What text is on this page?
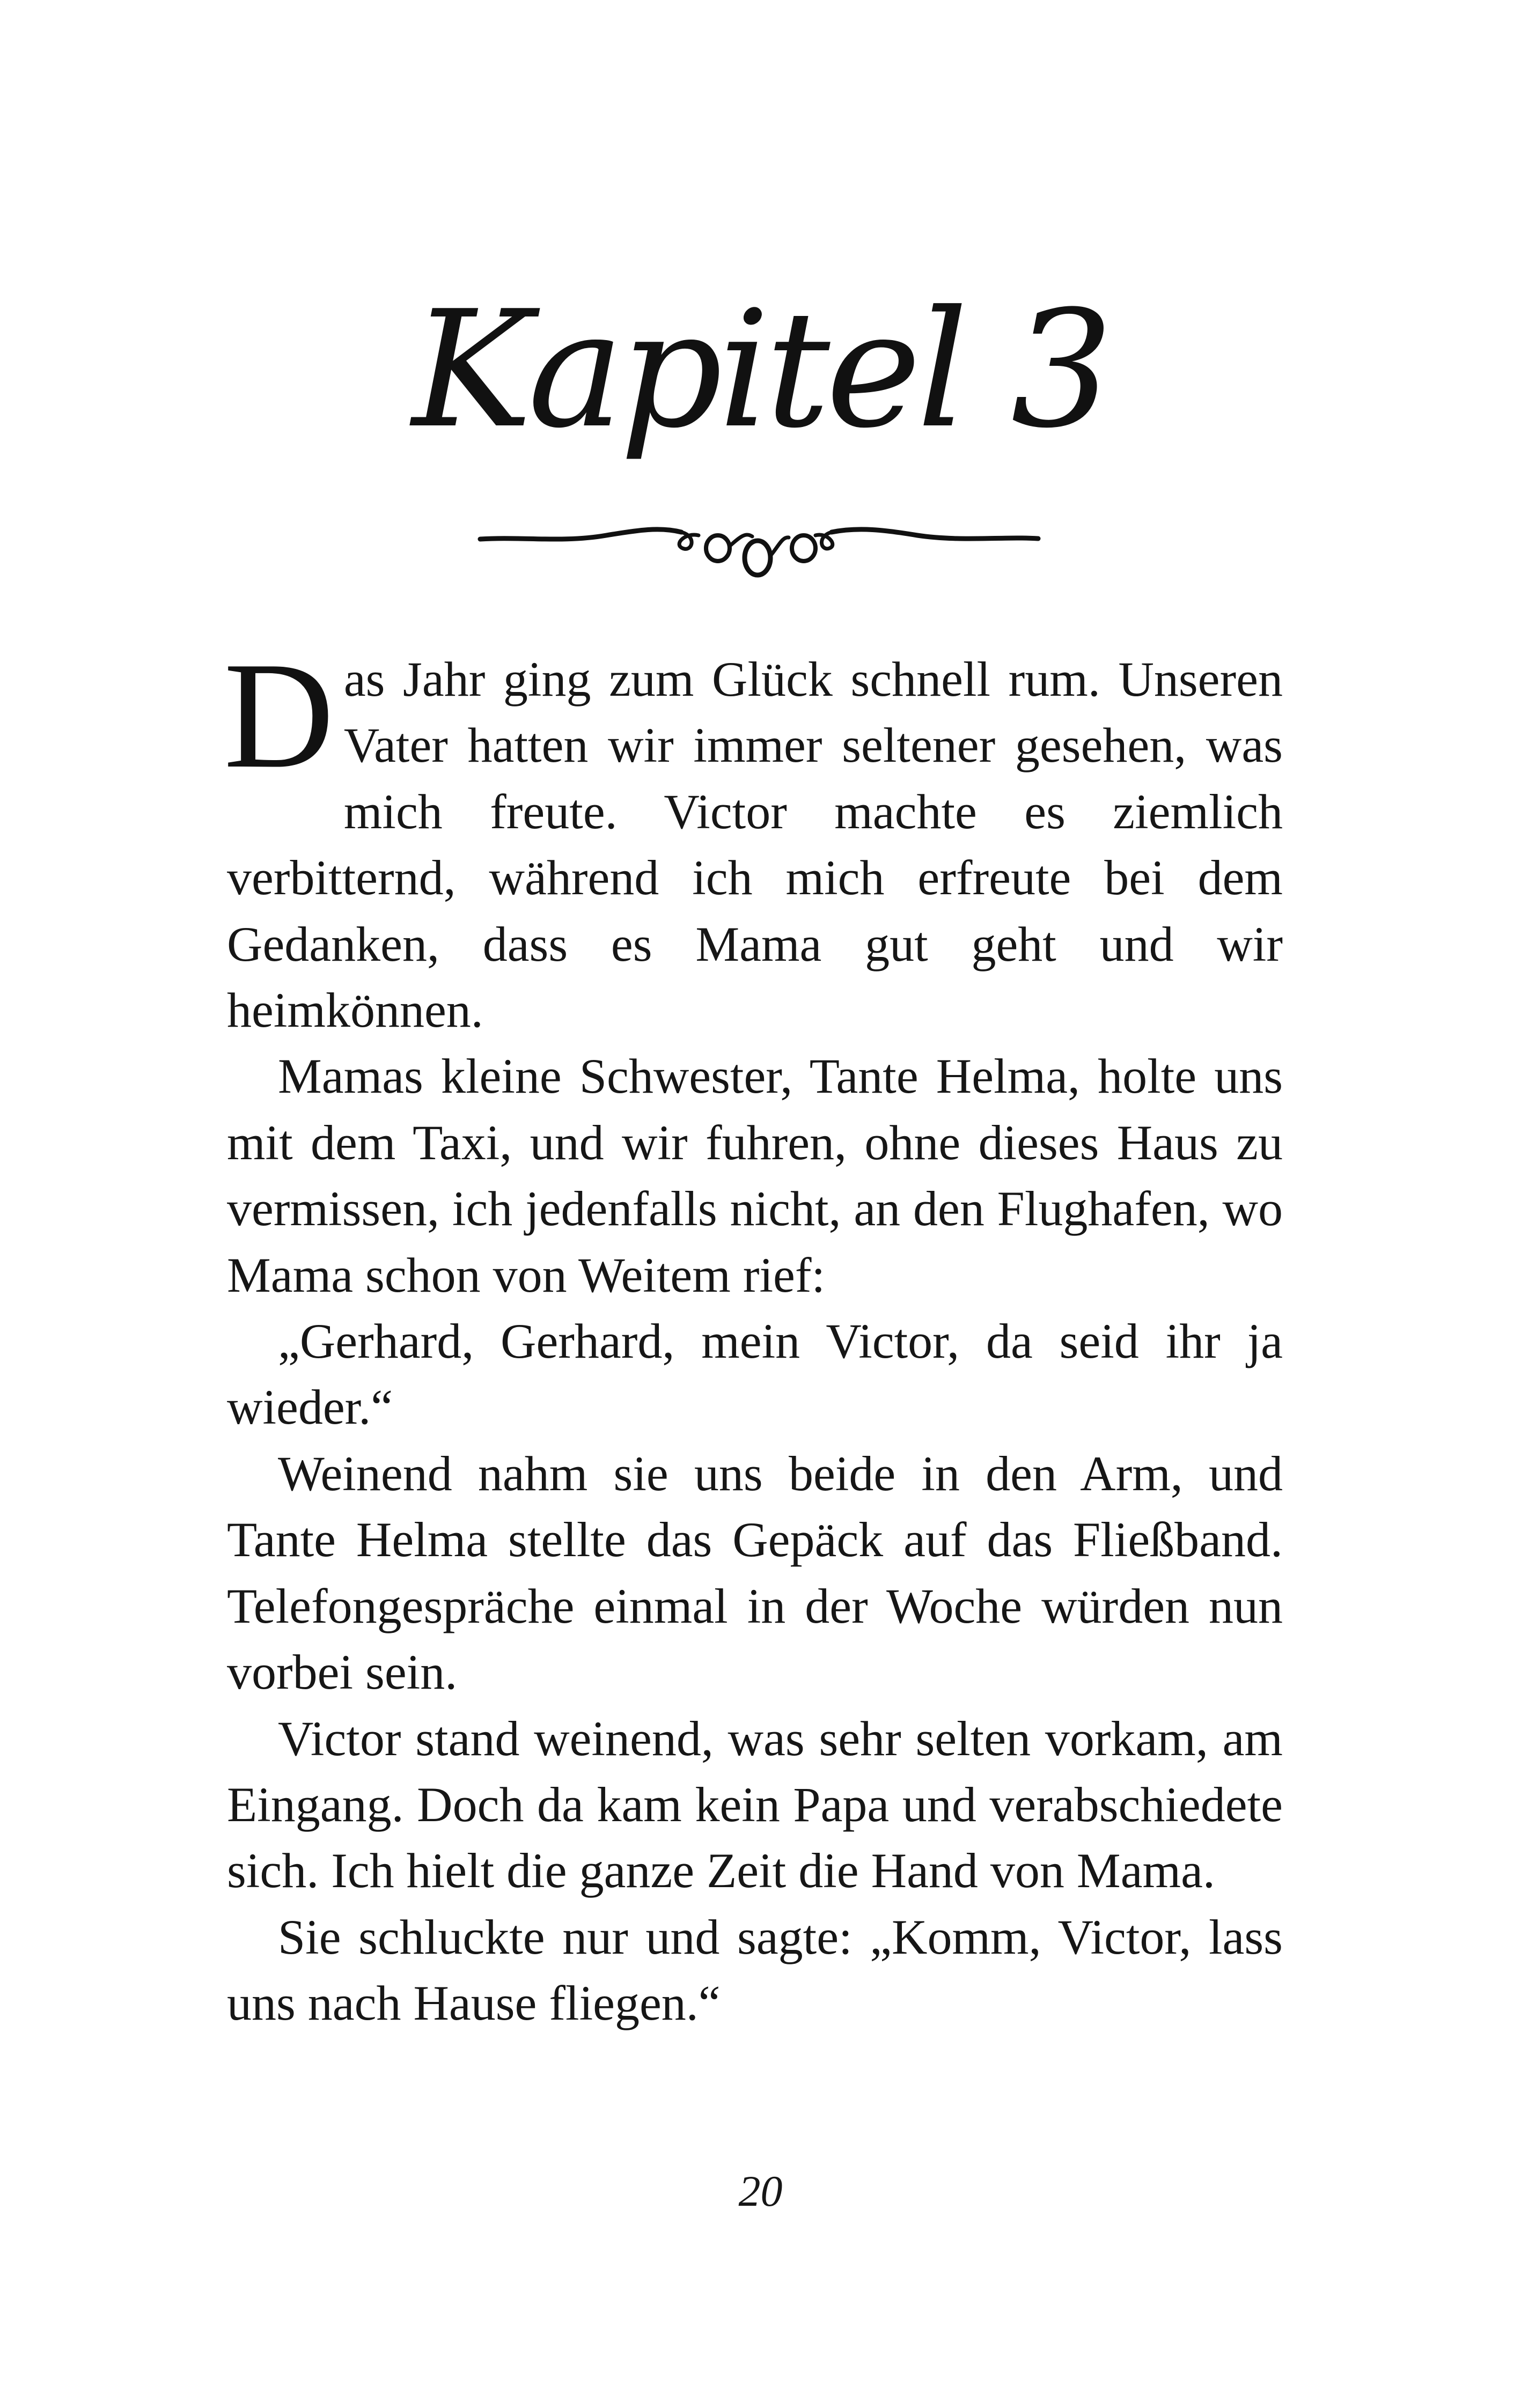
Kapitel 3

Das Jahr ging zum Glück schnell rum. Unseren Vater hatten wir immer seltener gesehen, was mich freute. Victor machte es ziemlich verbitternd, während ich mich erfreute bei dem Gedanken, dass es Mama gut geht und wir heimkönnen.

Mamas kleine Schwester, Tante Helma, holte uns mit dem Taxi, und wir fuhren, ohne dieses Haus zu vermissen, ich jedenfalls nicht, an den Flughafen, wo Mama schon von Weitem rief:

„Gerhard, Gerhard, mein Victor, da seid ihr ja wieder.“

Weinend nahm sie uns beide in den Arm, und Tante Helma stellte das Gepäck auf das Fließband. Telefongespräche einmal in der Woche würden nun vorbei sein.

Victor stand weinend, was sehr selten vorkam, am Eingang. Doch da kam kein Papa und verabschiedete sich. Ich hielt die ganze Zeit die Hand von Mama.

Sie schluckte nur und sagte: „Komm, Victor, lass uns nach Hause fliegen.“

20
